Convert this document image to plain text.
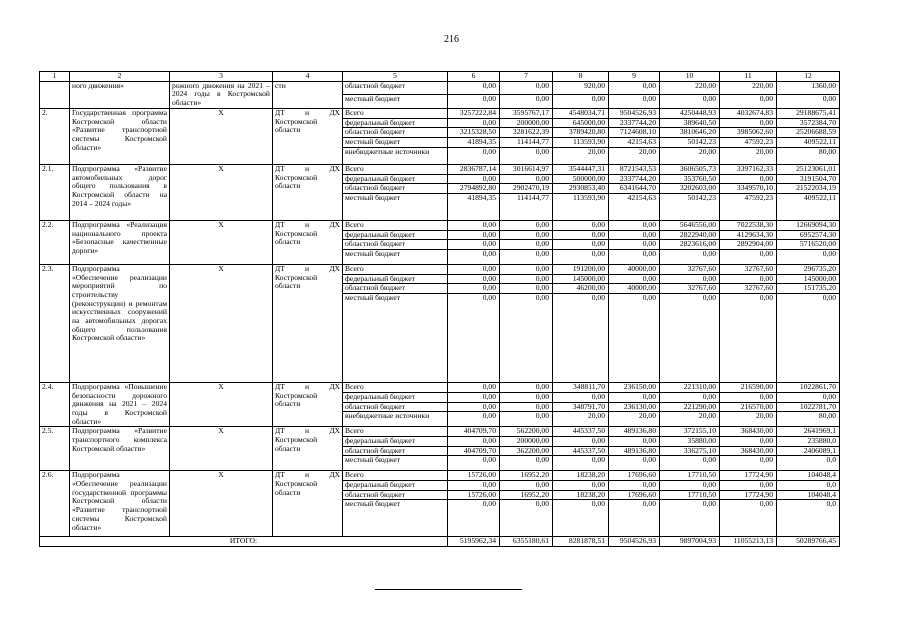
216
1	2	3	4	5	6	7	8	9	10	11	12
	ного движения»	рожного движения на 2021 – 2024 годы в Костромской области»	сти	областной бюджет	0,00	0,00	920,00	0,00	220,00	220,00	1360,00
				местный бюджет	0,00	0,00	0,00	0,00	0,00	0,00	0,00
2.	Государственная программа Костромской области «Развитие транспортной системы Костромской области»	X	ДТ и ДХ Костромской области	Всего	3257222,84	3595767,17	4548034,71	9504526,93	4250448,93	4032674,83	29188675,41
				федеральный бюджет	0,00	200000,00	645000,00	2337744,20	389640,50	0,00	3572384,70
				областной бюджет	3215328,50	3281622,39	3789420,80	7124608,10	3810646,20	3985062,60	25206688,59
				местный бюджет	41894,35	114144,77	113593,90	42154,63	50142,23	47592,23	409522,11
				внебюджетные источники	0,00	0,00	20,00	20,00	20,00	20,00	80,00
2.1.	Подпрограмма «Развитие автомобильных дорог общего пользования в Костромской области на 2014 – 2024 годы»	X	ДТ и ДХ Костромской области	Всего	2836787,14	3016614,97	3544447,31	8721543,53	3606505,73	3397162,33	25123061,01
				федеральный бюджет	0,00	0,00	500000,00	2337744,20	353760,50	0,00	3191504,70
				областной бюджет	2794892,80	2902470,19	2930853,40	6341644,70	3202603,00	3349570,10	21522034,19
				местный бюджет	41894,35	114144,77	113593,90	42154,63	50142,23	47592,23	409522,11
2.2.	Подпрограмма «Реализация национального проекта «Безопасные качественные дороги»	X	ДТ и ДХ Костромской области	Всего	0,00	0,00	0,00	0,00	5646556,00	7022538,30	12669094,30
				федеральный бюджет	0,00	0,00	0,00	0,00	2822940,00	4129634,30	6952574,30
				областной бюджет	0,00	0,00	0,00	0,00	2823616,00	2892904,00	5716520,00
				местный бюджет	0,00	0,00	0,00	0,00	0,00	0,00	0,00
2.3.	Подпрограмма «Обеспечение реализации мероприятий по строительству (реконструкции) и ремонтам искусственных сооружений на автомобильных дорогах общего пользования Костромской области»	X	ДТ и ДХ Костромской области	Всего	0,00	0,00	191200,00	40000,00	32767,60	32767,60	296735,20
				федеральный бюджет	0,00	0,00	145000,00	0,00	0,00	0,00	145000,00
				областной бюджет	0,00	0,00	46200,00	40000,00	32767,60	32767,60	151735,20
				местный бюджет	0,00	0,00	0,00	0,00	0,00	0,00	0,00
2.4.	Подпрограмма «Повышение безопасности дорожного движения на 2021 – 2024 годы в Костромской области»	X	ДТ и ДХ Костромской области	Всего	0,00	0,00	348811,70	236150,00	221310,00	216590,00	1022861,70
				федеральный бюджет	0,00	0,00	0,00	0,00	0,00	0,00	0,00
				областной бюджет	0,00	0,00	348791,70	236130,00	221290,00	216570,00	1022781,70
				внебюджетные источники	0,00	0,00	20,00	20,00	20,00	20,00	80,00
2.5.	Подпрограмма «Развитие транспортного комплекса Костромской области»	X	ДТ и ДХ Костромской области	Всего	404709,70	562200,00	445337,50	489136,80	372155,10	368430,00	2641969,1
				федеральный бюджет	0,00	200000,00	0,00	0,00	35880,00	0,00	235880,0
				областной бюджет	404709,70	362200,00	445337,50	489136,80	336275,10	368430,00	2406089,1
				местный бюджет	0,00	0,00	0,00	0,00	0,00	0,00	0,0
2.6.	Подпрограмма «Обеспечение реализации государственной программы Костромской области «Развитие транспортной системы Костромской области»	X	ДТ и ДХ Костромской области	Всего	15726,00	16952,20	18238,20	17696,60	17710,50	17724,90	104048,4
				федеральный бюджет	0,00	0,00	0,00	0,00	0,00	0,00	0,0
				областной бюджет	15726,00	16952,20	18238,20	17696,60	17710,50	17724,90	104048,4
				местный бюджет	0,00	0,00	0,00	0,00	0,00	0,00	0,0
ИТОГО:					5195962,34	6355180,61	8281878,51	9504526,93	9897004,93	11055213,13	50289766,45
